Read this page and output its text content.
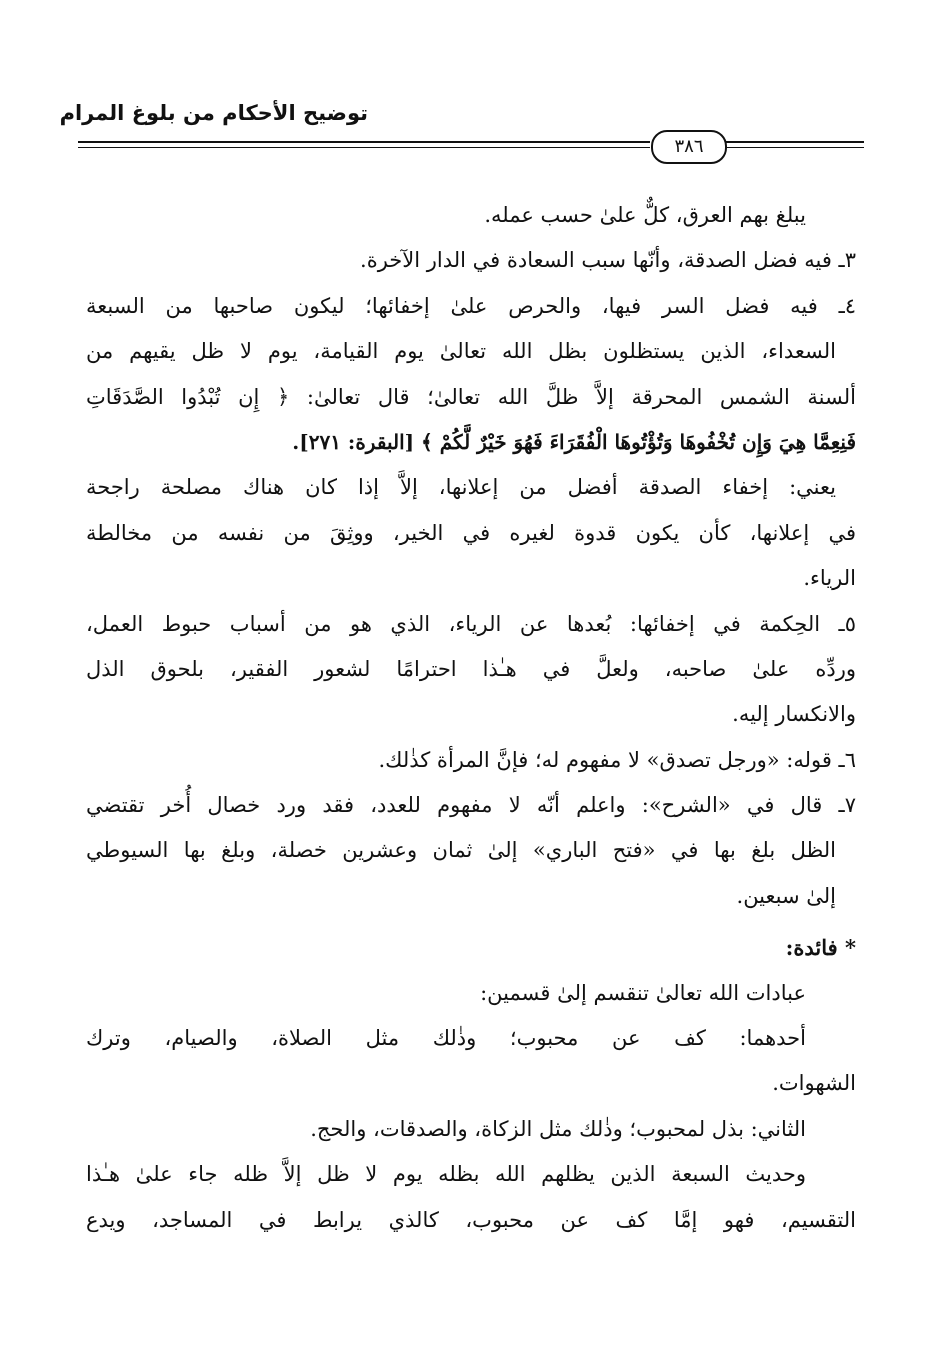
توضيح الأحكام من بلوغ المرام
٣٨٦
يبلغ بهم العرق، كلٌّ علىٰ حسب عمله.
٣ـ فيه فضل الصدقة، وأنّها سبب السعادة في الدار الآخرة.
٤ـ فيه فضل السر فيها، والحرص علىٰ إخفائها؛ ليكون صاحبها من السبعة
السعداء، الذين يستظلون بظل الله تعالىٰ يوم القيامة، يوم لا ظل يقيهم من
ألسنة الشمس المحرقة إلاَّ ظلَّ الله تعالىٰ؛ قال تعالىٰ: ﴿ إِن تُبْدُوا الصَّدَقَاتِ
فَنِعِمَّا هِيَ وَإِن تُخْفُوهَا وَتُؤْتُوهَا الْفُقَرَاءَ فَهُوَ خَيْرٌ لَّكُمْ ﴾ [البقرة: ٢٧١].
يعني: إخفاء الصدقة أفضل من إعلانها، إلاَّ إذا كان هناك مصلحة راجحة
في إعلانها، كأن يكون قدوة لغيره في الخير، ووثِقَ من نفسه من مخالطة
الرياء.
٥ـ الحِكمة في إخفائها: بُعدها عن الرياء، الذي هو من أسباب حبوط العمل،
وردِّه علىٰ صاحبه، ولعلَّ في هـٰذا احترامًا لشعور الفقير، بلحوق الذل
والانكسار إليه.
٦ـ قوله: «ورجل تصدق» لا مفهوم له؛ فإنَّ المرأة كذٰلك.
٧ـ قال في «الشرح»: واعلم أنّه لا مفهوم للعدد، فقد ورد خصال أُخر تقتضي
الظل بلغ بها في «فتح الباري» إلىٰ ثمان وعشرين خصلة، وبلغ بها السيوطي
إلىٰ سبعين.
* فائدة:
عبادات الله تعالىٰ تنقسم إلىٰ قسمين:
أحدهما: كف عن محبوب؛ وذٰلك مثل الصلاة، والصيام، وترك
الشهوات.
الثاني: بذل لمحبوب؛ وذٰلك مثل الزكاة، والصدقات، والحج.
وحديث السبعة الذين يظلهم الله بظله يوم لا ظل إلاَّ ظله جاء علىٰ هـٰذا
التقسيم، فهو إمَّا كف عن محبوب، كالذي يرابط في المساجد، ويدع
